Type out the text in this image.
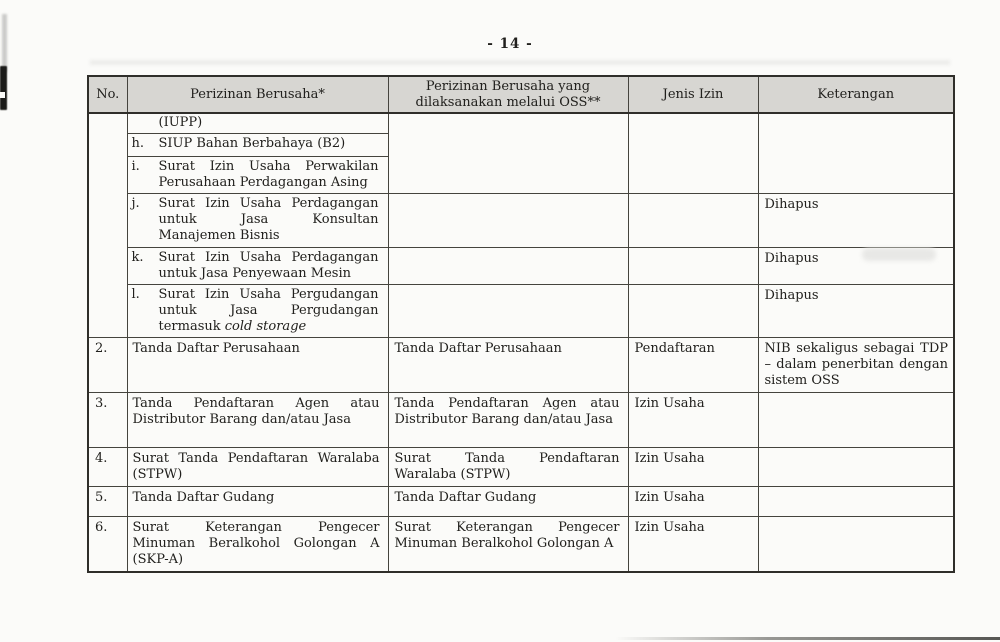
- 14 -
No.	Perizinan Berusaha*	Perizinan Berusaha yang dilaksanakan melalui OSS**	Jenis Izin	Keterangan

	(IUPP)			

	h. SIUP Bahan Berbahaya (B2)			

	i. Surat Izin Usaha Perwakilan Perusahaan Perdagangan Asing			

	j. Surat Izin Usaha Perdagangan untuk Jasa Konsultan Manajemen Bisnis			Dihapus

	k. Surat Izin Usaha Perdagangan untuk Jasa Penyewaan Mesin			Dihapus

	l. Surat Izin Usaha Pergudangan untuk Jasa Pergudangan termasuk cold storage			Dihapus
2.	Tanda Daftar Perusahaan	Tanda Daftar Perusahaan	Pendaftaran	NIB sekaligus sebagai TDP – dalam penerbitan dengan sistem OSS
3.	Tanda Pendaftaran Agen atau Distributor Barang dan/atau Jasa	Tanda Pendaftaran Agen atau Distributor Barang dan/atau Jasa	Izin Usaha	
4.	Surat Tanda Pendaftaran Waralaba (STPW)	Surat Tanda Pendaftaran Waralaba (STPW)	Izin Usaha	
5.	Tanda Daftar Gudang	Tanda Daftar Gudang	Izin Usaha	
6.	Surat Keterangan Pengecer Minuman Beralkohol Golongan A (SKP-A)	Surat Keterangan Pengecer Minuman Beralkohol Golongan A	Izin Usaha	
